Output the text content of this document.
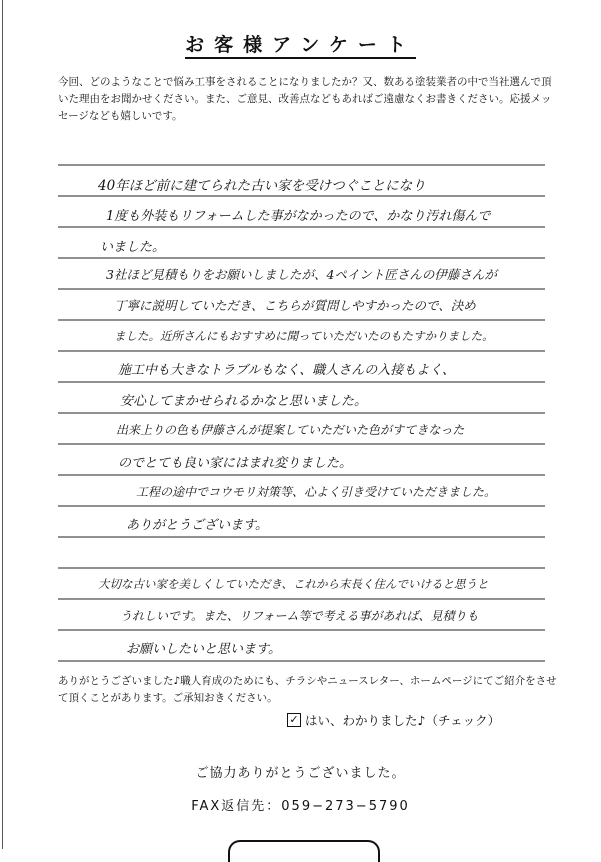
お客様アンケート
今回、どのようなことで悩み工事をされることになりましたか？又、数ある塗装業者の中で当社選んで頂いた理由をお聞かせください。また、ご意見、改善点などもあればご遠慮なくお書きください。応援メッセージなども嬉しいです。
40年ほど前に建てられた古い家を受けつぐことになり
1度も外装もリフォームした事がなかったので、かなり汚れ傷んで
いました。
3社ほど見積もりをお願いしましたが、4ペイント匠さんの伊藤さんが
丁寧に説明していただき、こちらが質問しやすかったので、決め
ました。近所さんにもおすすめに聞っていただいたのもたすかりました。
施工中も大きなトラブルもなく、職人さんの入接もよく、
安心してまかせられるかなと思いました。
出来上りの色も伊藤さんが提案していただいた色がすてきなった
のでとても良い家にはまれ変りました。
工程の途中でコウモリ対策等、心よく引き受けていただきました。
ありがとうございます。
大切な古い家を美しくしていただき、これから末長く住んでいけると思うと
うれしいです。また、リフォーム等で考える事があれば、見積りも
お願いしたいと思います。
ありがとうございました♪職人育成のためにも、チラシやニュースレター、ホームページにてご紹介をさせて頂くことがあります。ご承知おきください。
✓ はい、わかりました♪（チェック）
ご協力ありがとうございました。
FAX返信先：059−273−5790
